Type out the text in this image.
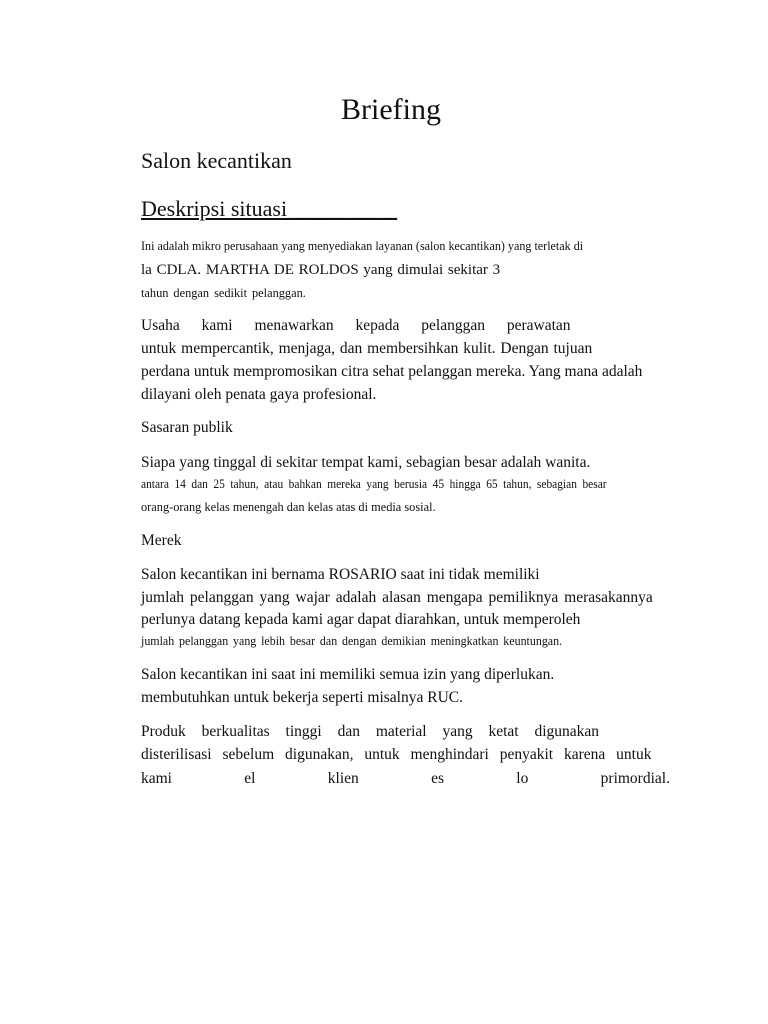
Briefing
Salon kecantikan
Deskripsi situasi__________
Ini adalah mikro perusahaan yang menyediakan layanan (salon kecantikan) yang terletak di
la CDLA. MARTHA DE ROLDOS yang dimulai sekitar 3
tahun dengan sedikit pelanggan.
Usaha kami menawarkan kepada pelanggan perawatan
untuk mempercantik, menjaga, dan membersihkan kulit. Dengan tujuan
perdana untuk mempromosikan citra sehat pelanggan mereka. Yang mana adalah
dilayani oleh penata gaya profesional.
Sasaran publik
Siapa yang tinggal di sekitar tempat kami, sebagian besar adalah wanita.
antara 14 dan 25 tahun, atau bahkan mereka yang berusia 45 hingga 65 tahun, sebagian besar
orang-orang kelas menengah dan kelas atas di media sosial.
Merek
Salon kecantikan ini bernama ROSARIO saat ini tidak memiliki
jumlah pelanggan yang wajar adalah alasan mengapa pemiliknya merasakannya
perlunya datang kepada kami agar dapat diarahkan, untuk memperoleh
jumlah pelanggan yang lebih besar dan dengan demikian meningkatkan keuntungan.
Salon kecantikan ini saat ini memiliki semua izin yang diperlukan.
membutuhkan untuk bekerja seperti misalnya RUC.
Produk berkualitas tinggi dan material yang ketat digunakan
disterilisasi sebelum digunakan, untuk menghindari penyakit karena untuk
kami	el	klien	es	lo	primordial.
